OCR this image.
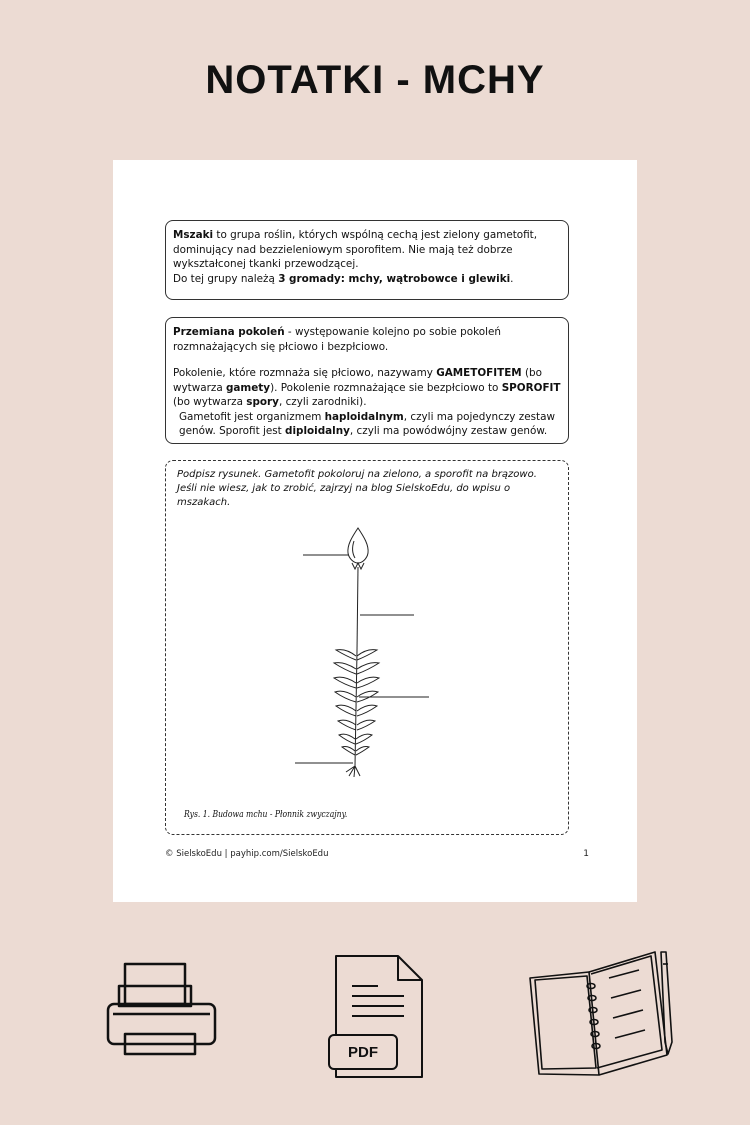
NOTATKI - MCHY

Mszaki to grupa roślin, których wspólną cechą jest zielony gametofit, dominujący nad bezzieleniowym sporofitem. Nie mają też dobrze wykształconej tkanki przewodzącej.

Do tej grupy należą 3 gromady: mchy, wątrobowce i glewiki.

Przemiana pokoleń - występowanie kolejno po sobie pokoleń rozmnażających się płciowo i bezpłciowo.

Pokolenie, które rozmnaża się płciowo, nazywamy GAMETOFITEM (bo wytwarza gamety). Pokolenie rozmnażające sie bezpłciowo to SPOROFIT (bo wytwarza spory, czyli zarodniki).

Gametofit jest organizmem haploidalnym, czyli ma pojedynczy zestaw genów. Sporofit jest diploidalny, czyli ma powódwójny zestaw genów.

Podpisz rysunek. Gametofit pokoloruj na zielono, a sporofit na brązowo.

Jeśli nie wiesz, jak to zrobić, zajrzyj na blog SielskoEdu, do wpisu o mszakach.

Rys. 1. Budowa mchu - Płonnik zwyczajny.
© SielskoEdu | payhip.com/SielskoEdu	1
PDF
